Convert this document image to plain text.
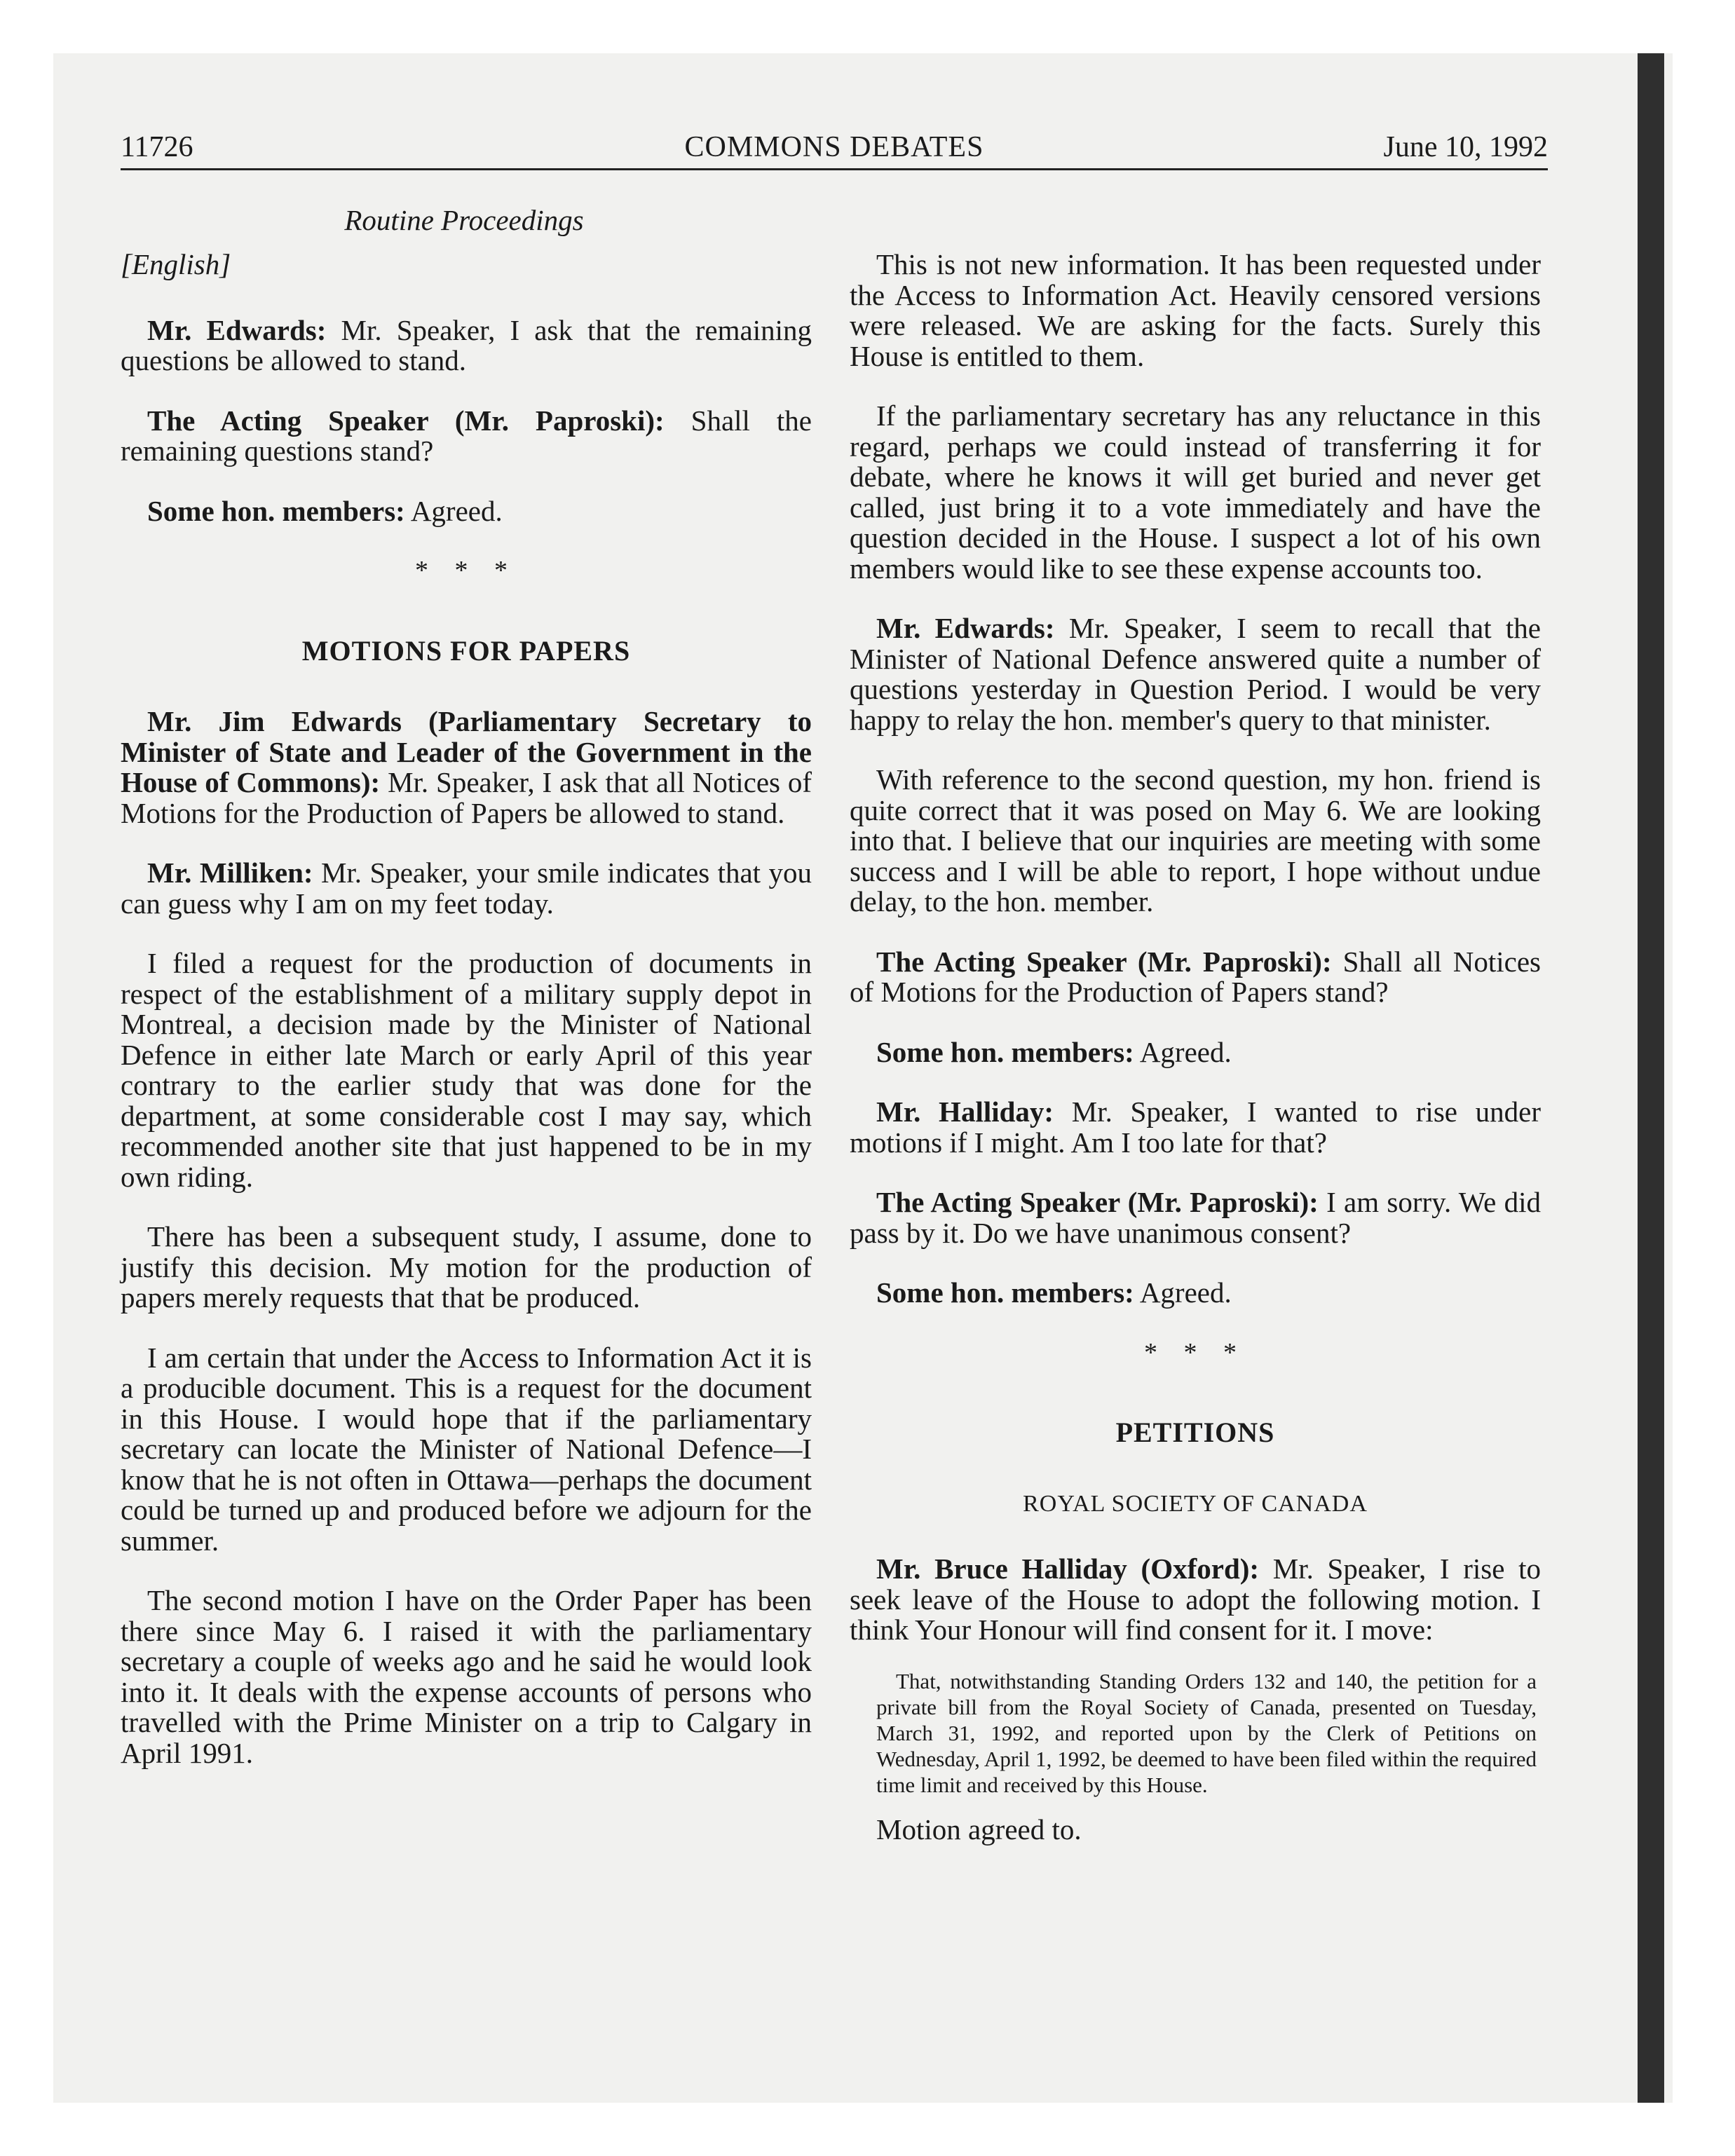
11726	COMMONS DEBATES	June 10, 1992
Routine Proceedings

[English]

Mr. Edwards: Mr. Speaker, I ask that the remaining questions be allowed to stand.

The Acting Speaker (Mr. Paproski): Shall the remaining questions stand?

Some hon. members: Agreed.

* * *

MOTIONS FOR PAPERS

Mr. Jim Edwards (Parliamentary Secretary to Minister of State and Leader of the Government in the House of Commons): Mr. Speaker, I ask that all Notices of Motions for the Production of Papers be allowed to stand.

Mr. Milliken: Mr. Speaker, your smile indicates that you can guess why I am on my feet today.

I filed a request for the production of documents in respect of the establishment of a military supply depot in Montreal, a decision made by the Minister of National Defence in either late March or early April of this year contrary to the earlier study that was done for the department, at some considerable cost I may say, which recommended another site that just happened to be in my own riding.

There has been a subsequent study, I assume, done to justify this decision. My motion for the production of papers merely requests that that be produced.

I am certain that under the Access to Information Act it is a producible document. This is a request for the document in this House. I would hope that if the parliamentary secretary can locate the Minister of National Defence—I know that he is not often in Ottawa—perhaps the document could be turned up and produced before we adjourn for the summer.

The second motion I have on the Order Paper has been there since May 6. I raised it with the parliamentary secretary a couple of weeks ago and he said he would look into it. It deals with the expense accounts of persons who travelled with the Prime Minister on a trip to Calgary in April 1991.

This is not new information. It has been requested under the Access to Information Act. Heavily censored versions were released. We are asking for the facts. Surely this House is entitled to them.

If the parliamentary secretary has any reluctance in this regard, perhaps we could instead of transferring it for debate, where he knows it will get buried and never get called, just bring it to a vote immediately and have the question decided in the House. I suspect a lot of his own members would like to see these expense accounts too.

Mr. Edwards: Mr. Speaker, I seem to recall that the Minister of National Defence answered quite a number of questions yesterday in Question Period. I would be very happy to relay the hon. member's query to that minister.

With reference to the second question, my hon. friend is quite correct that it was posed on May 6. We are looking into that. I believe that our inquiries are meeting with some success and I will be able to report, I hope without undue delay, to the hon. member.

The Acting Speaker (Mr. Paproski): Shall all Notices of Motions for the Production of Papers stand?

Some hon. members: Agreed.

Mr. Halliday: Mr. Speaker, I wanted to rise under motions if I might. Am I too late for that?

The Acting Speaker (Mr. Paproski): I am sorry. We did pass by it. Do we have unanimous consent?

Some hon. members: Agreed.

* * *

PETITIONS
ROYAL SOCIETY OF CANADA

Mr. Bruce Halliday (Oxford): Mr. Speaker, I rise to seek leave of the House to adopt the following motion. I think Your Honour will find consent for it. I move:

That, notwithstanding Standing Orders 132 and 140, the petition for a private bill from the Royal Society of Canada, presented on Tuesday, March 31, 1992, and reported upon by the Clerk of Petitions on Wednesday, April 1, 1992, be deemed to have been filed within the required time limit and received by this House.

Motion agreed to.
